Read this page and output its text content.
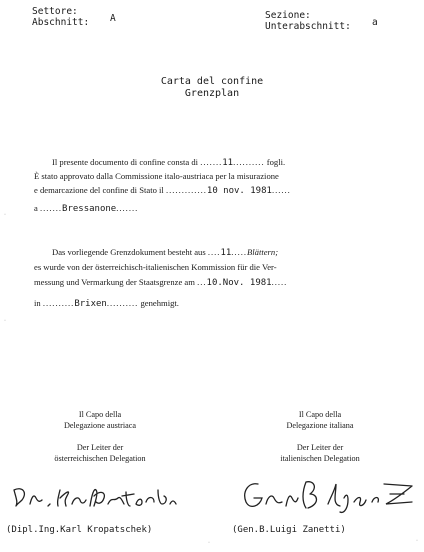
Settore:
Abschnitt: A	Sezione:
Unterabschnitt: a
Carta del confine
Grenzplan
Il presente documento di confine consta di .......11.......... fogli.
È stato approvato dalla Commissione italo-austriaca per la misurazione
e demarcazione del confine di Stato il .............10 nov. 1981......
a .......Bressanone.......
Das vorliegende Grenzdokument besteht aus ....11.....Blättern;
es wurde von der österreichisch-italienischen Kommission für die Ver-
messung und Vermarkung der Staatsgrenze am ...10.Nov. 1981.....
in ..........Brixen.......... genehmigt.
·
·
·	·
Il Capo della
Delegazione austriaca
Der Leiter der
österreichischen Delegation
(Dipl.Ing.Karl Kropatschek)
Il Capo della
Delegazione italiana
Der Leiter der
italienischen Delegation
(Gen.B.Luigi Zanetti)
